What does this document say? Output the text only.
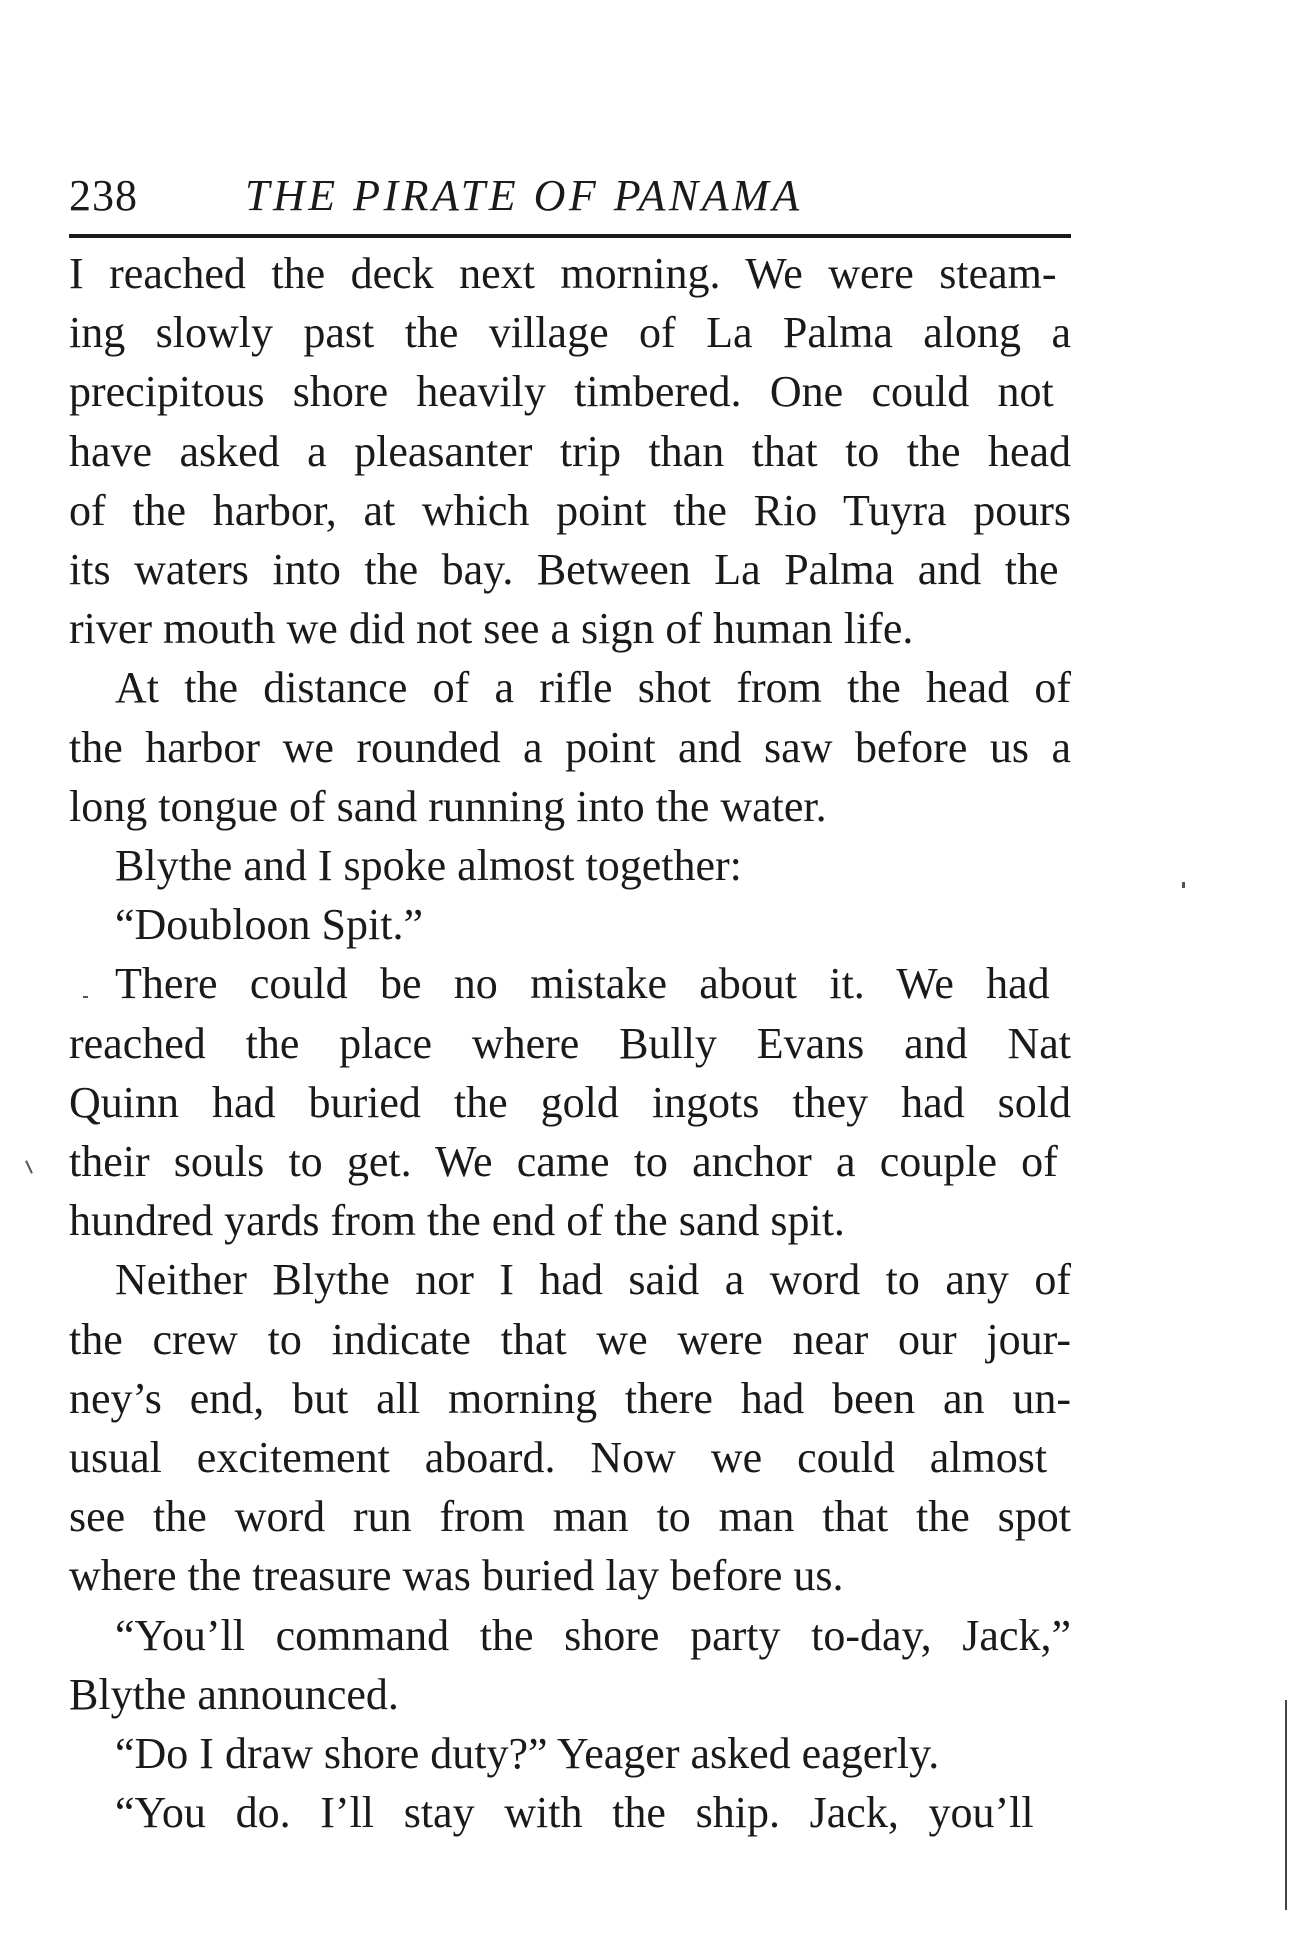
238 THE PIRATE OF PANAMA
I reached the deck next morning. We were steam-
ing slowly past the village of La Palma along a
precipitous shore heavily timbered. One could not
have asked a pleasanter trip than that to the head
of the harbor, at which point the Rio Tuyra pours
its waters into the bay. Between La Palma and the
river mouth we did not see a sign of human life.
At the distance of a rifle shot from the head of
the harbor we rounded a point and saw before us a
long tongue of sand running into the water.
Blythe and I spoke almost together:
“Doubloon Spit.”
There could be no mistake about it. We had
reached the place where Bully Evans and Nat
Quinn had buried the gold ingots they had sold
their souls to get. We came to anchor a couple of
hundred yards from the end of the sand spit.
Neither Blythe nor I had said a word to any of
the crew to indicate that we were near our jour-
ney’s end, but all morning there had been an un-
usual excitement aboard. Now we could almost
see the word run from man to man that the spot
where the treasure was buried lay before us.
“You’ll command the shore party to-day, Jack,”
Blythe announced.
“Do I draw shore duty?” Yeager asked eagerly.
“You do. I’ll stay with the ship. Jack, you’ll
